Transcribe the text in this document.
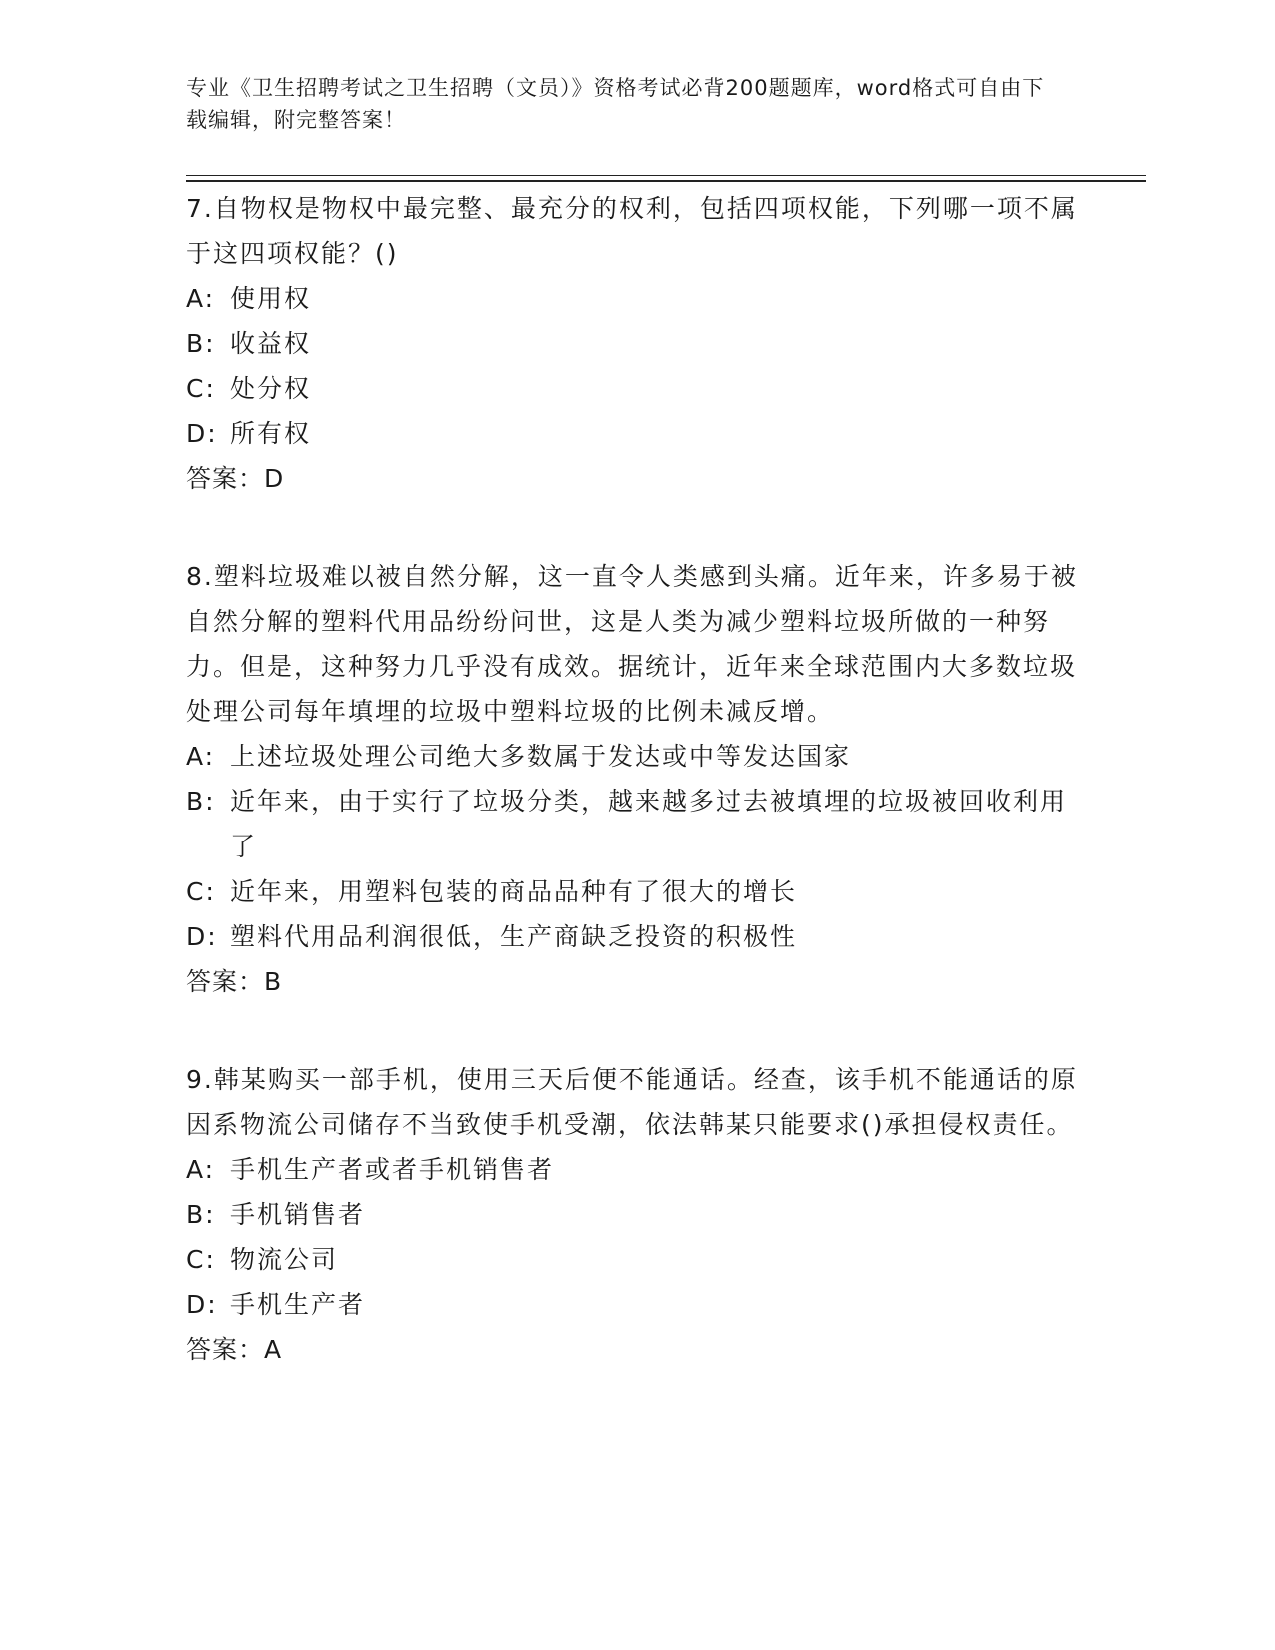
专业《卫生招聘考试之卫生招聘（文员）》资格考试必背200题题库，word格式可自由下载编辑，附完整答案！

7.自物权是物权中最完整、最充分的权利，包括四项权能，下列哪一项不属于这四项权能？()

A: 使用权
B: 收益权
C: 处分权
D: 所有权

答案：D

8.塑料垃圾难以被自然分解，这一直令人类感到头痛。近年来，许多易于被自然分解的塑料代用品纷纷问世，这是人类为减少塑料垃圾所做的一种努力。但是，这种努力几乎没有成效。据统计，近年来全球范围内大多数垃圾处理公司每年填埋的垃圾中塑料垃圾的比例未减反增。

A: 上述垃圾处理公司绝大多数属于发达或中等发达国家
B: 近年来，由于实行了垃圾分类，越来越多过去被填埋的垃圾被回收利用了
C: 近年来，用塑料包装的商品品种有了很大的增长
D: 塑料代用品利润很低，生产商缺乏投资的积极性

答案：B

9.韩某购买一部手机，使用三天后便不能通话。经查，该手机不能通话的原因系物流公司储存不当致使手机受潮，依法韩某只能要求()承担侵权责任。

A: 手机生产者或者手机销售者
B: 手机销售者
C: 物流公司
D: 手机生产者

答案：A
